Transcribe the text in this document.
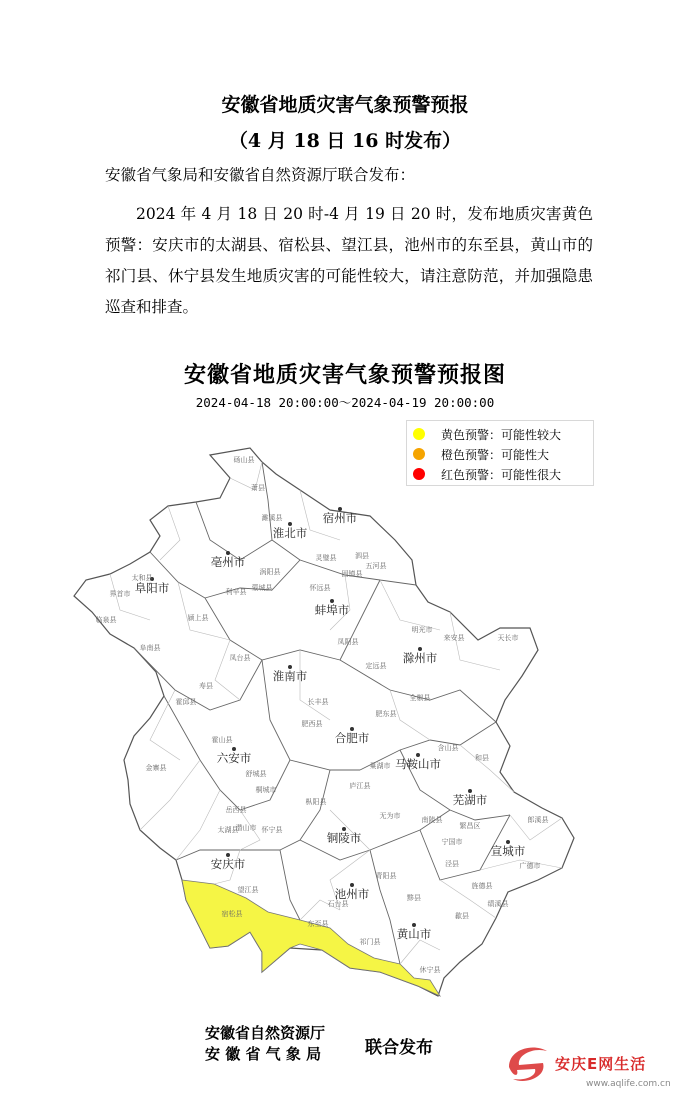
安徽省地质灾害气象预警预报
（4 月 18 日 16 时发布）
安徽省气象局和安徽省自然资源厅联合发布：
2024 年 4 月 18 日 20 时-4 月 19 日 20 时，发布地质灾害黄色预警：安庆市的太湖县、宿松县、望江县，池州市的东至县，黄山市的祁门县、休宁县发生地质灾害的可能性较大，请注意防范，并加强隐患巡查和排查。
安徽省地质灾害气象预警预报图
2024-04-18 20:00:00～2024-04-19 20:00:00
淮北市
宿州市
亳州市
阜阳市
蚌埠市
淮南市
滁州市
六安市
合肥市
马鞍山市
芜湖市
宣城市
铜陵市
安庆市
池州市
黄山市
砀山县
萧县
濉溪县
灵璧县	泗县
涡阳县
蒙城县
利辛县
太和县
界首市
临泉县	颍上县
阜南县
凤台县
寿县
霍邱县
怀远县
固镇县
五河县
凤阳县
定远县
明光市
天长市
来安县
全椒县
长丰县
肥东县
肥西县
庐江县
巢湖市
舒城县
金寨县
霍山县
含山县
和县
无为市	南陵县
繁昌区
郎溪县
广德市
宁国市
泾县
旌德县
绩溪县
枞阳县
桐城市
潜山市
岳西县
怀宁县
太湖县
宿松县
望江县
东至县
石台县
青阳县
黟县
祁门县
休宁县
歙县
黄色预警：可能性较大
橙色预警：可能性大
红色预警：可能性很大
安徽省自然资源厅
安 徽 省 气 象 局	联合发布
安庆E网生活
www.aqlife.com.cn
